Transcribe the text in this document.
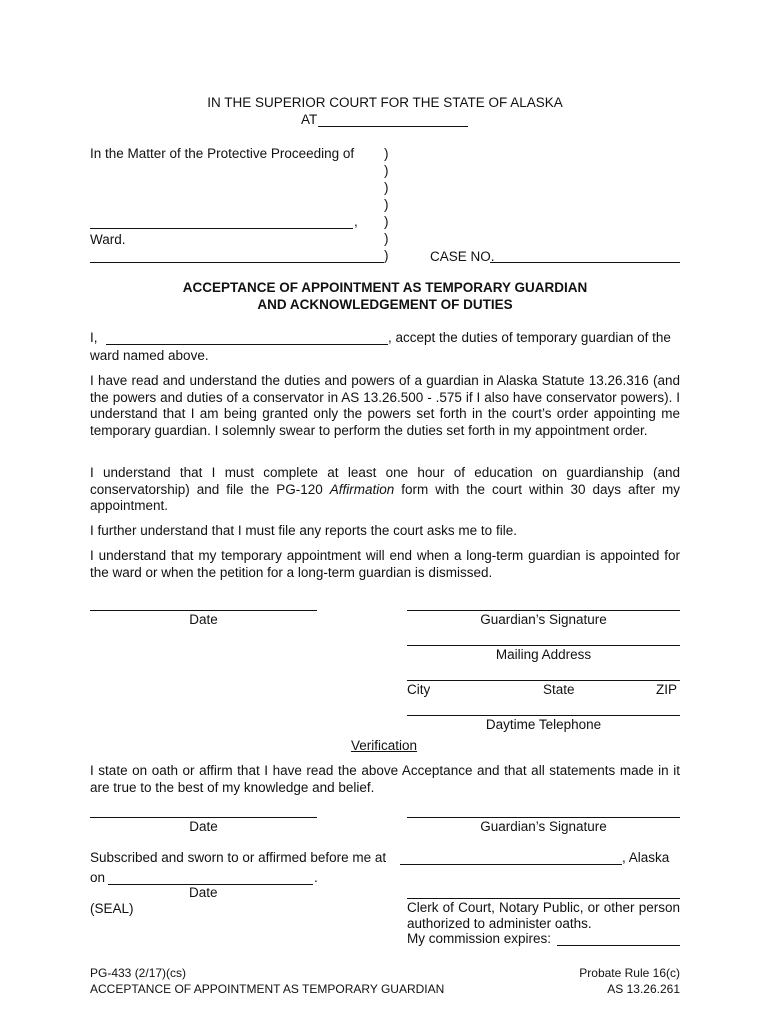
IN THE SUPERIOR COURT FOR THE STATE OF ALASKA
AT
In the Matter of the Protective Proceeding of )
)
)
)
)
)
)
,
Ward.
CASE NO.
ACCEPTANCE OF APPOINTMENT AS TEMPORARY GUARDIAN
AND ACKNOWLEDGEMENT OF DUTIES
I,	, accept the duties of temporary guardian of the
ward named above.
I have read and understand the duties and powers of a guardian in Alaska Statute 13.26.316 (and the powers and duties of a conservator in AS 13.26.500 - .575 if I also have conservator powers). I understand that I am being granted only the powers set forth in the court’s order appointing me temporary guardian. I solemnly swear to perform the duties set forth in my appointment order.
I understand that I must complete at least one hour of education on guardianship (and conservatorship) and file the PG-120 Affirmation form with the court within 30 days after my appointment.
I further understand that I must file any reports the court asks me to file.
I understand that my temporary appointment will end when a long-term guardian is appointed for the ward or when the petition for a long-term guardian is dismissed.
Date	Guardian’s Signature
Mailing Address
City	State	ZIP
Daytime Telephone
Verification
I state on oath or affirm that I have read the above Acceptance and that all statements made in it are true to the best of my knowledge and belief.
Date	Guardian’s Signature
Subscribed and sworn to or affirmed before me at	, Alaska
on	.
Date
(SEAL)	Clerk of Court, Notary Public, or other person authorized to administer oaths.
My commission expires:
PG-433 (2/17)(cs)
ACCEPTANCE OF APPOINTMENT AS TEMPORARY GUARDIAN
Probate Rule 16(c)
AS 13.26.261
